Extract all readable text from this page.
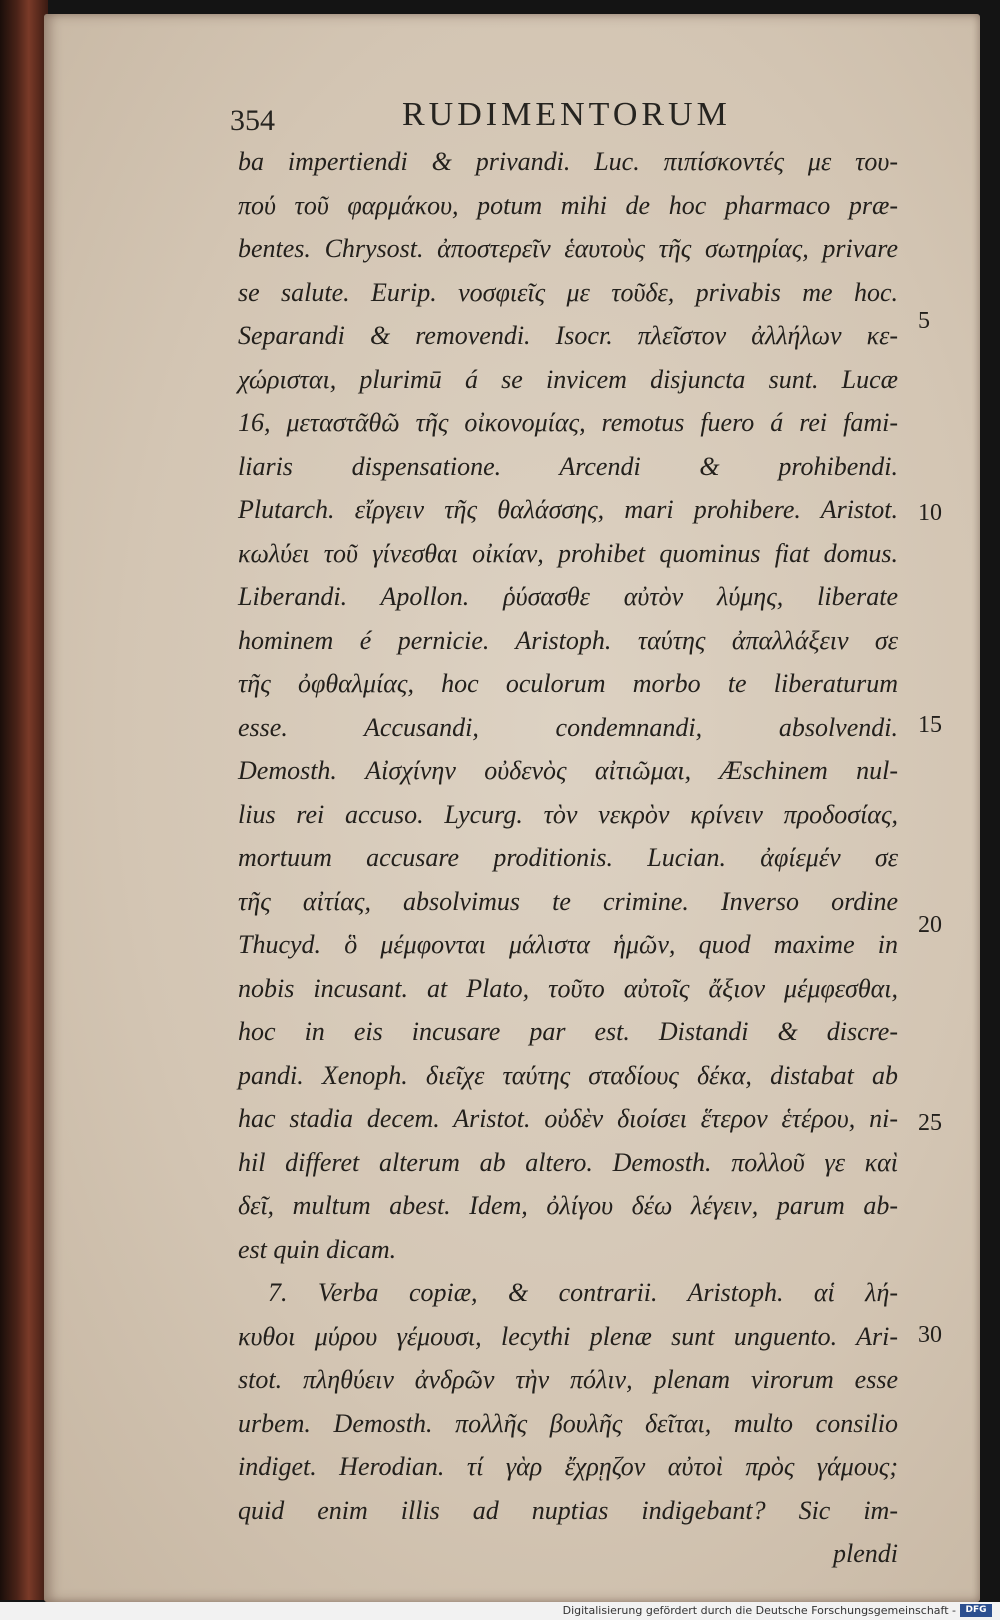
354	RUDIMENTORUM
ba impertiendi & privandi. Luc. πιπίσκοντές με του-
πού τοῦ φαρμάκου, potum mihi de hoc pharmaco præ-
bentes. Chrysost. ἀποστερεῖν ἑαυτοὺς τῆς σωτηρίας, privare
se salute. Eurip. νοσφιεῖς με τοῦδε, privabis me hoc.
Separandi & removendi. Isocr. πλεῖστον ἀλλήλων κε-
χώρισται, plurimū á se invicem disjuncta sunt. Lucæ
16, μεταστᾶθῶ τῆς οἰκονομίας, remotus fuero á rei fami-
liaris dispensatione. Arcendi & prohibendi.
Plutarch. εἴργειν τῆς θαλάσσης, mari prohibere. Aristot.
κωλύει τοῦ γίνεσθαι οἰκίαν, prohibet quominus fiat domus.
Liberandi. Apollon. ῥύσασθε αὐτὸν λύμης, liberate
hominem é pernicie. Aristoph. ταύτης ἀπαλλάξειν σε
τῆς ὀφθαλμίας, hoc oculorum morbo te liberaturum
esse. Accusandi, condemnandi, absolvendi.
Demosth. Αἰσχίνην οὐδενὸς αἰτιῶμαι, Æschinem nul-
lius rei accuso. Lycurg. τὸν νεκρὸν κρίνειν προδοσίας,
mortuum accusare proditionis. Lucian. ἀφίεμέν σε
τῆς αἰτίας, absolvimus te crimine. Inverso ordine
Thucyd. ὃ μέμφονται μάλιστα ἡμῶν, quod maxime in
nobis incusant. at Plato, τοῦτο αὐτοῖς ἄξιον μέμφεσθαι,
hoc in eis incusare par est. Distandi & discre-
pandi. Xenoph. διεῖχε ταύτης σταδίους δέκα, distabat ab
hac stadia decem. Aristot. οὐδὲν διοίσει ἕτερον ἑτέρου, ni-
hil differet alterum ab altero. Demosth. πολλοῦ γε καὶ
δεῖ, multum abest. Idem, ὀλίγου δέω λέγειν, parum ab-
est quin dicam.
7. Verba copiæ, & contrarii. Aristoph. αἱ λή-
κυθοι μύρου γέμουσι, lecythi plenæ sunt unguento. Ari-
stot. πληθύειν ἀνδρῶν τὴν πόλιν, plenam virorum esse
urbem. Demosth. πολλῆς βουλῆς δεῖται, multo consilio
indiget. Herodian. τί γὰρ ἔχρῃζον αὐτοὶ πρὸς γάμους;
quid enim illis ad nuptias indigebant? Sic im-
plendi
5
10
15
20
25
30
Digitalisierung gefördert durch die Deutsche Forschungsgemeinschaft -	DFG
